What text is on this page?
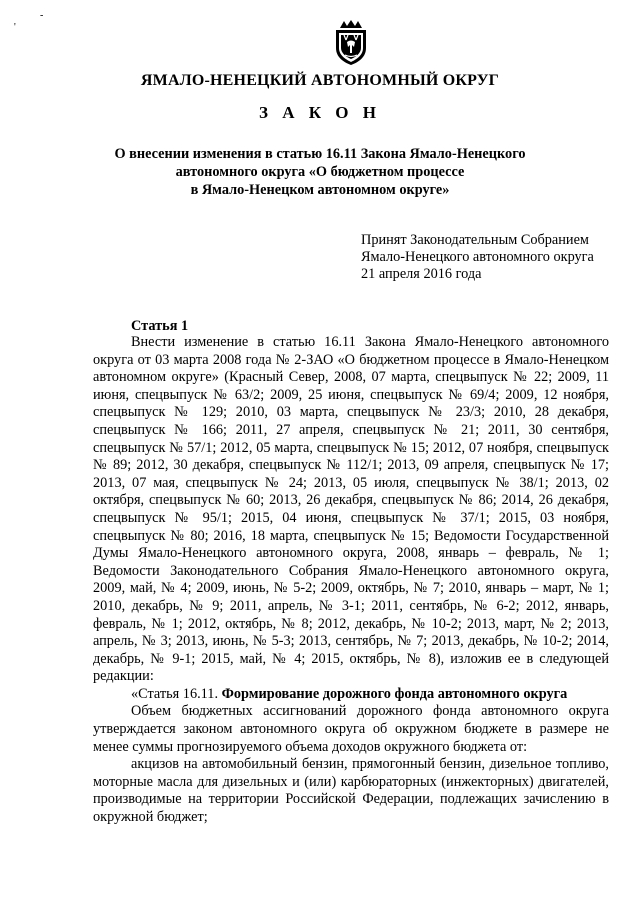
-
'
ЯМАЛО-НЕНЕЦКИЙ АВТОНОМНЫЙ ОКРУГ
З А К О Н
О внесении изменения в статью 16.11 Закона Ямало-Ненецкого
автономного округа «О бюджетном процессе
в Ямало-Ненецком автономном округе»
Принят Законодательным Собранием
Ямало-Ненецкого автономного округа
21 апреля 2016 года
Статья 1

Внести изменение в статью 16.11 Закона Ямало-Ненецкого автономного округа от 03 марта 2008 года № 2-ЗАО «О бюджетном процессе в Ямало-Ненецком автономном округе» (Красный Север, 2008, 07 марта, спецвыпуск № 22; 2009, 11 июня, спецвыпуск № 63/2; 2009, 25 июня, спецвыпуск № 69/4; 2009, 12 ноября, спецвыпуск № 129; 2010, 03 марта, спецвыпуск № 23/3; 2010, 28 декабря, спецвыпуск № 166; 2011, 27 апреля, спецвыпуск № 21; 2011, 30 сентября, спецвыпуск № 57/1; 2012, 05 марта, спецвыпуск № 15; 2012, 07 ноября, спецвыпуск № 89; 2012, 30 декабря, спецвыпуск № 112/1; 2013, 09 апреля, спецвыпуск № 17; 2013, 07 мая, спецвыпуск № 24; 2013, 05 июля, спецвыпуск № 38/1; 2013, 02 октября, спецвыпуск № 60; 2013, 26 декабря, спецвыпуск № 86; 2014, 26 декабря, спецвыпуск № 95/1; 2015, 04 июня, спецвыпуск № 37/1; 2015, 03 ноября, спецвыпуск № 80; 2016, 18 марта, спецвыпуск № 15; Ведомости Государственной Думы Ямало-Ненецкого автономного округа, 2008, январь – февраль, № 1; Ведомости Законодательного Собрания Ямало-Ненецкого автономного округа, 2009, май, № 4; 2009, июнь, № 5-2; 2009, октябрь, № 7; 2010, январь – март, № 1; 2010, декабрь, № 9; 2011, апрель, № 3-1; 2011, сентябрь, № 6-2; 2012, январь, февраль, № 1; 2012, октябрь, № 8; 2012, декабрь, № 10-2; 2013, март, № 2; 2013, апрель, № 3; 2013, июнь, № 5-3; 2013, сентябрь, № 7; 2013, декабрь, № 10-2; 2014, декабрь, № 9-1; 2015, май, № 4; 2015, октябрь, № 8), изложив ее в следующей редакции:

«Статья 16.11. Формирование дорожного фонда автономного округа

Объем бюджетных ассигнований дорожного фонда автономного округа утверждается законом автономного округа об окружном бюджете в размере не менее суммы прогнозируемого объема доходов окружного бюджета от:

акцизов на автомобильный бензин, прямогонный бензин, дизельное топливо, моторные масла для дизельных и (или) карбюраторных (инжекторных) двигателей, производимые на территории Российской Федерации, подлежащих зачислению в окружной бюджет;
